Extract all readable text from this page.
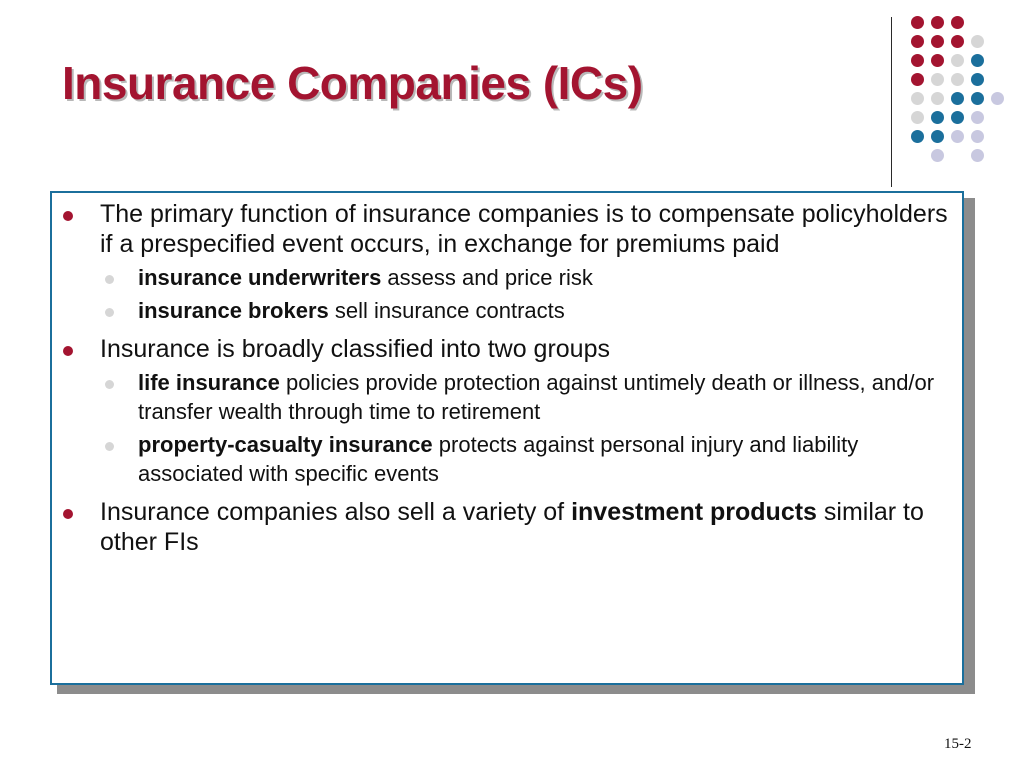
Insurance Companies (ICs)
The primary function of insurance companies is to compensate policyholders if a prespecified event occurs, in exchange for premiums paid
insurance underwriters assess and price risk
insurance brokers sell insurance contracts
Insurance is broadly classified into two groups
life insurance policies provide protection against untimely death or illness, and/or transfer wealth through time to retirement
property-casualty insurance protects against personal injury and liability associated with specific events
Insurance companies also sell a variety of investment products similar to other FIs
15-2
